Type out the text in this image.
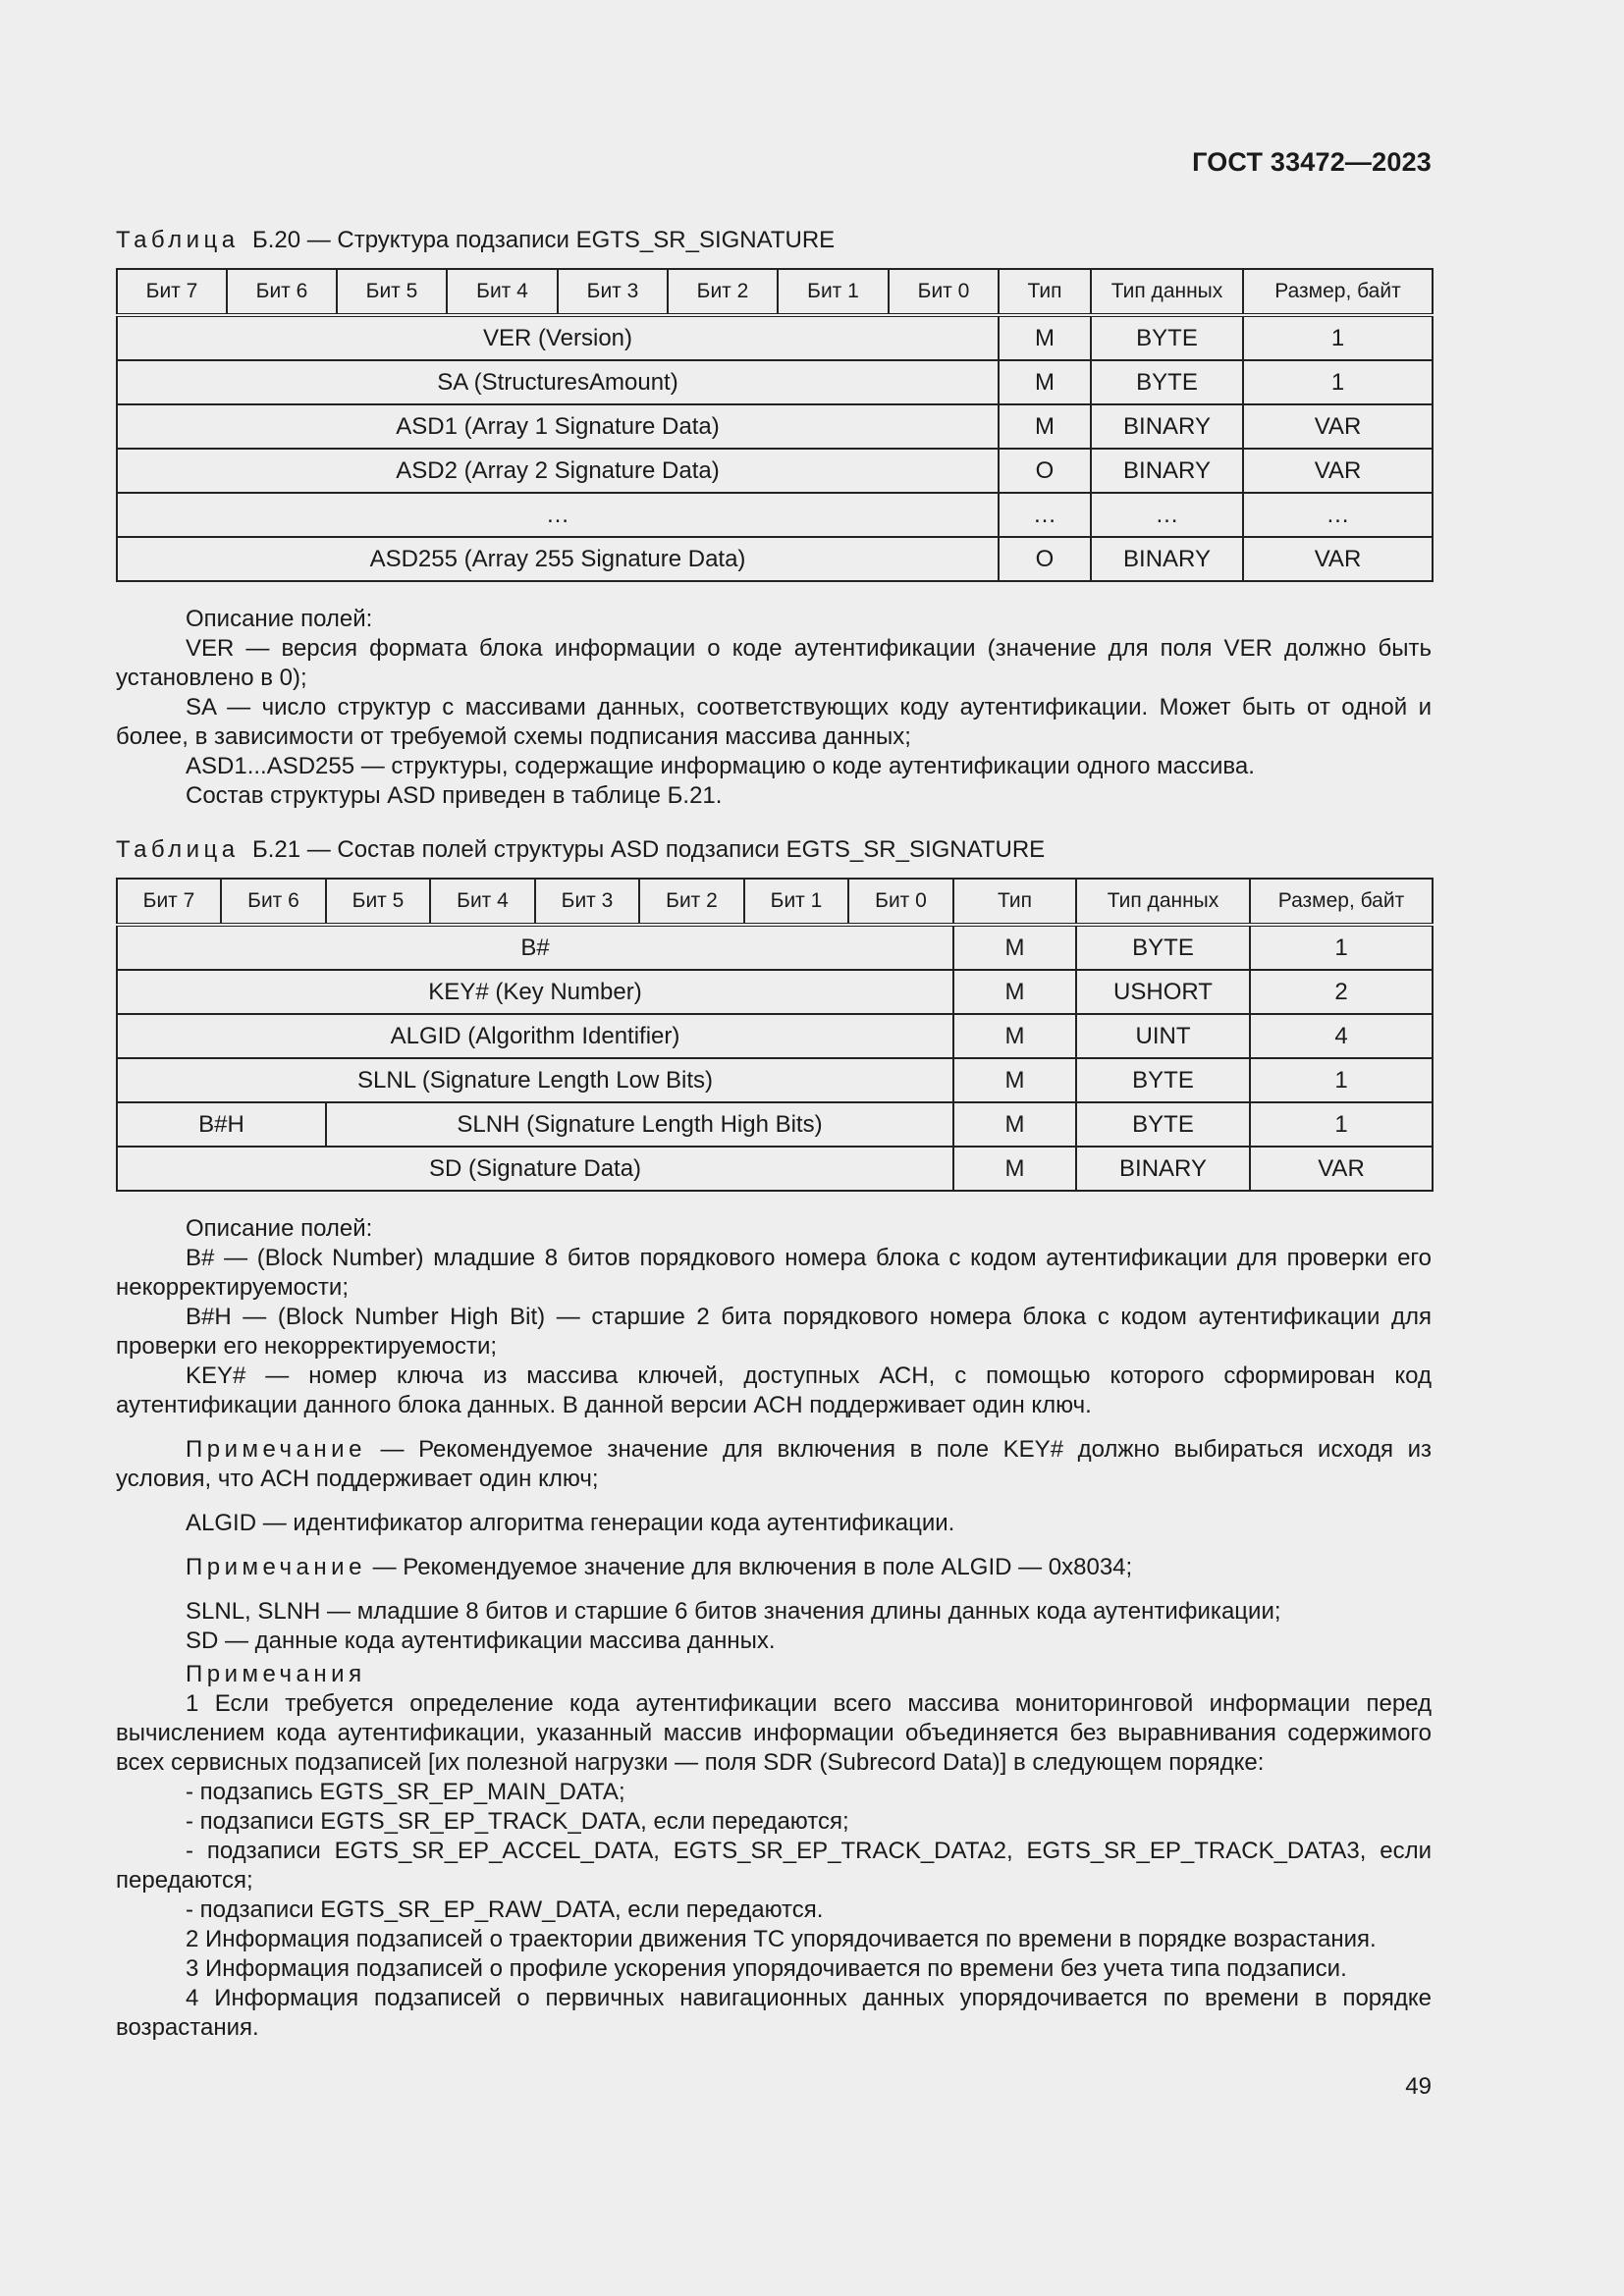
ГОСТ 33472—2023
Таблица Б.20 — Структура подзаписи EGTS_SR_SIGNATURE
Бит 7	Бит 6	Бит 5	Бит 4	Бит 3	Бит 2	Бит 1	Бит 0	Тип	Тип данных	Размер, байт
VER (Version)								M	BYTE	1
SA (StructuresAmount)								M	BYTE	1
ASD1 (Array 1 Signature Data)								M	BINARY	VAR
ASD2 (Array 2 Signature Data)								O	BINARY	VAR
…								…	…	…
ASD255 (Array 255 Signature Data)								O	BINARY	VAR

Описание полей:

VER — версия формата блока информации о коде аутентификации (значение для поля VER должно быть установлено в 0);

SA — число структур с массивами данных, соответствующих коду аутентификации. Может быть от одной и более, в зависимости от требуемой схемы подписания массива данных;

ASD1...ASD255 — структуры, содержащие информацию о коде аутентификации одного массива.

Состав структуры ASD приведен в таблице Б.21.

Таблица Б.21 — Состав полей структуры ASD подзаписи EGTS_SR_SIGNATURE
Бит 7	Бит 6	Бит 5	Бит 4	Бит 3	Бит 2	Бит 1	Бит 0	Тип	Тип данных	Размер, байт
B#								M	BYTE	1
KEY# (Key Number)								M	USHORT	2
ALGID (Algorithm Identifier)								M	UINT	4
SLNL (Signature Length Low Bits)								M	BYTE	1
B#H		SLNH (Signature Length High Bits)						M	BYTE	1
SD (Signature Data)								M	BINARY	VAR

Описание полей:

B# — (Block Number) младшие 8 битов порядкового номера блока с кодом аутентификации для проверки его некорректируемости;

B#H — (Block Number High Bit) — старшие 2 бита порядкового номера блока с кодом аутентификации для проверки его некорректируемости;

KEY# — номер ключа из массива ключей, доступных АСН, с помощью которого сформирован код аутентификации данного блока данных. В данной версии АСН поддерживает один ключ.

Примечание — Рекомендуемое значение для включения в поле KEY# должно выбираться исходя из условия, что АСН поддерживает один ключ;

ALGID — идентификатор алгоритма генерации кода аутентификации.

Примечание — Рекомендуемое значение для включения в поле ALGID — 0x8034;

SLNL, SLNH — младшие 8 битов и старшие 6 битов значения длины данных кода аутентификации;

SD — данные кода аутентификации массива данных.

Примечания

1 Если требуется определение кода аутентификации всего массива мониторинговой информации перед вычислением кода аутентификации, указанный массив информации объединяется без выравнивания содержимого всех сервисных подзаписей [их полезной нагрузки — поля SDR (Subrecord Data)] в следующем порядке:

- подзапись EGTS_SR_EP_MAIN_DATA;

- подзаписи EGTS_SR_EP_TRACK_DATA, если передаются;

- подзаписи EGTS_SR_EP_ACCEL_DATA, EGTS_SR_EP_TRACK_DATA2, EGTS_SR_EP_TRACK_DATA3, если передаются;

- подзаписи EGTS_SR_EP_RAW_DATA, если передаются.

2 Информация подзаписей о траектории движения ТС упорядочивается по времени в порядке возрастания.

3 Информация подзаписей о профиле ускорения упорядочивается по времени без учета типа подзаписи.

4 Информация подзаписей о первичных навигационных данных упорядочивается по времени в порядке возрастания.

49
